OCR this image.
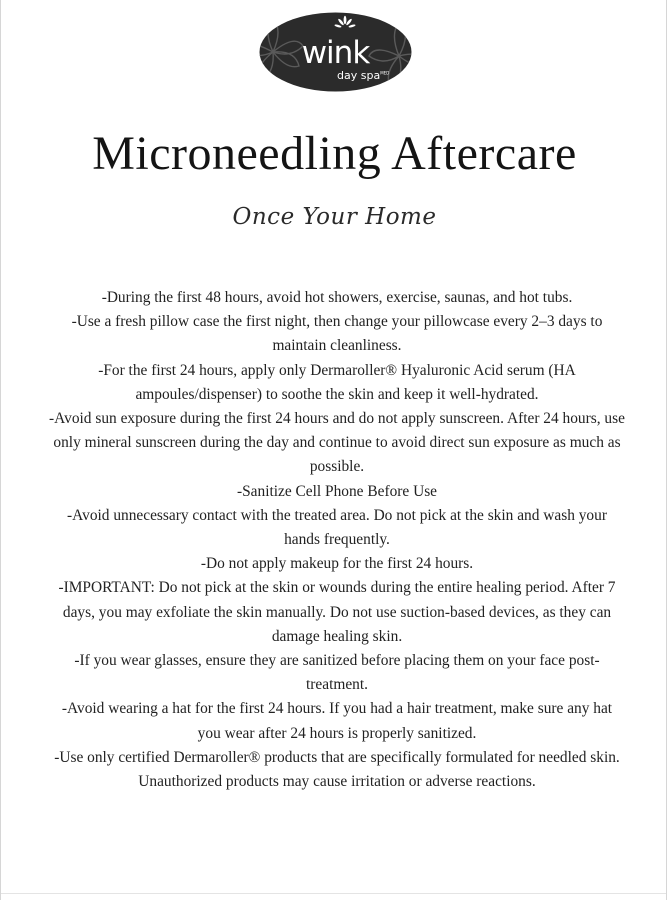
wink
day spa$^{MED}$
Microneedling Aftercare
Once Your Home
-During the first 48 hours, avoid hot showers, exercise, saunas, and hot tubs.
-Use a fresh pillow case the first night, then change your pillowcase every 2–3 days to maintain cleanliness.
-For the first 24 hours, apply only Dermaroller® Hyaluronic Acid serum (HA ampoules/dispenser) to soothe the skin and keep it well-hydrated.
-Avoid sun exposure during the first 24 hours and do not apply sunscreen. After 24 hours, use only mineral sunscreen during the day and continue to avoid direct sun exposure as much as possible.
-Sanitize Cell Phone Before Use
-Avoid unnecessary contact with the treated area. Do not pick at the skin and wash your hands frequently.
-Do not apply makeup for the first 24 hours.
-IMPORTANT: Do not pick at the skin or wounds during the entire healing period. After 7 days, you may exfoliate the skin manually. Do not use suction-based devices, as they can damage healing skin.
-If you wear glasses, ensure they are sanitized before placing them on your face post-treatment.
-Avoid wearing a hat for the first 24 hours. If you had a hair treatment, make sure any hat you wear after 24 hours is properly sanitized.
-Use only certified Dermaroller® products that are specifically formulated for needled skin. Unauthorized products may cause irritation or adverse reactions.
